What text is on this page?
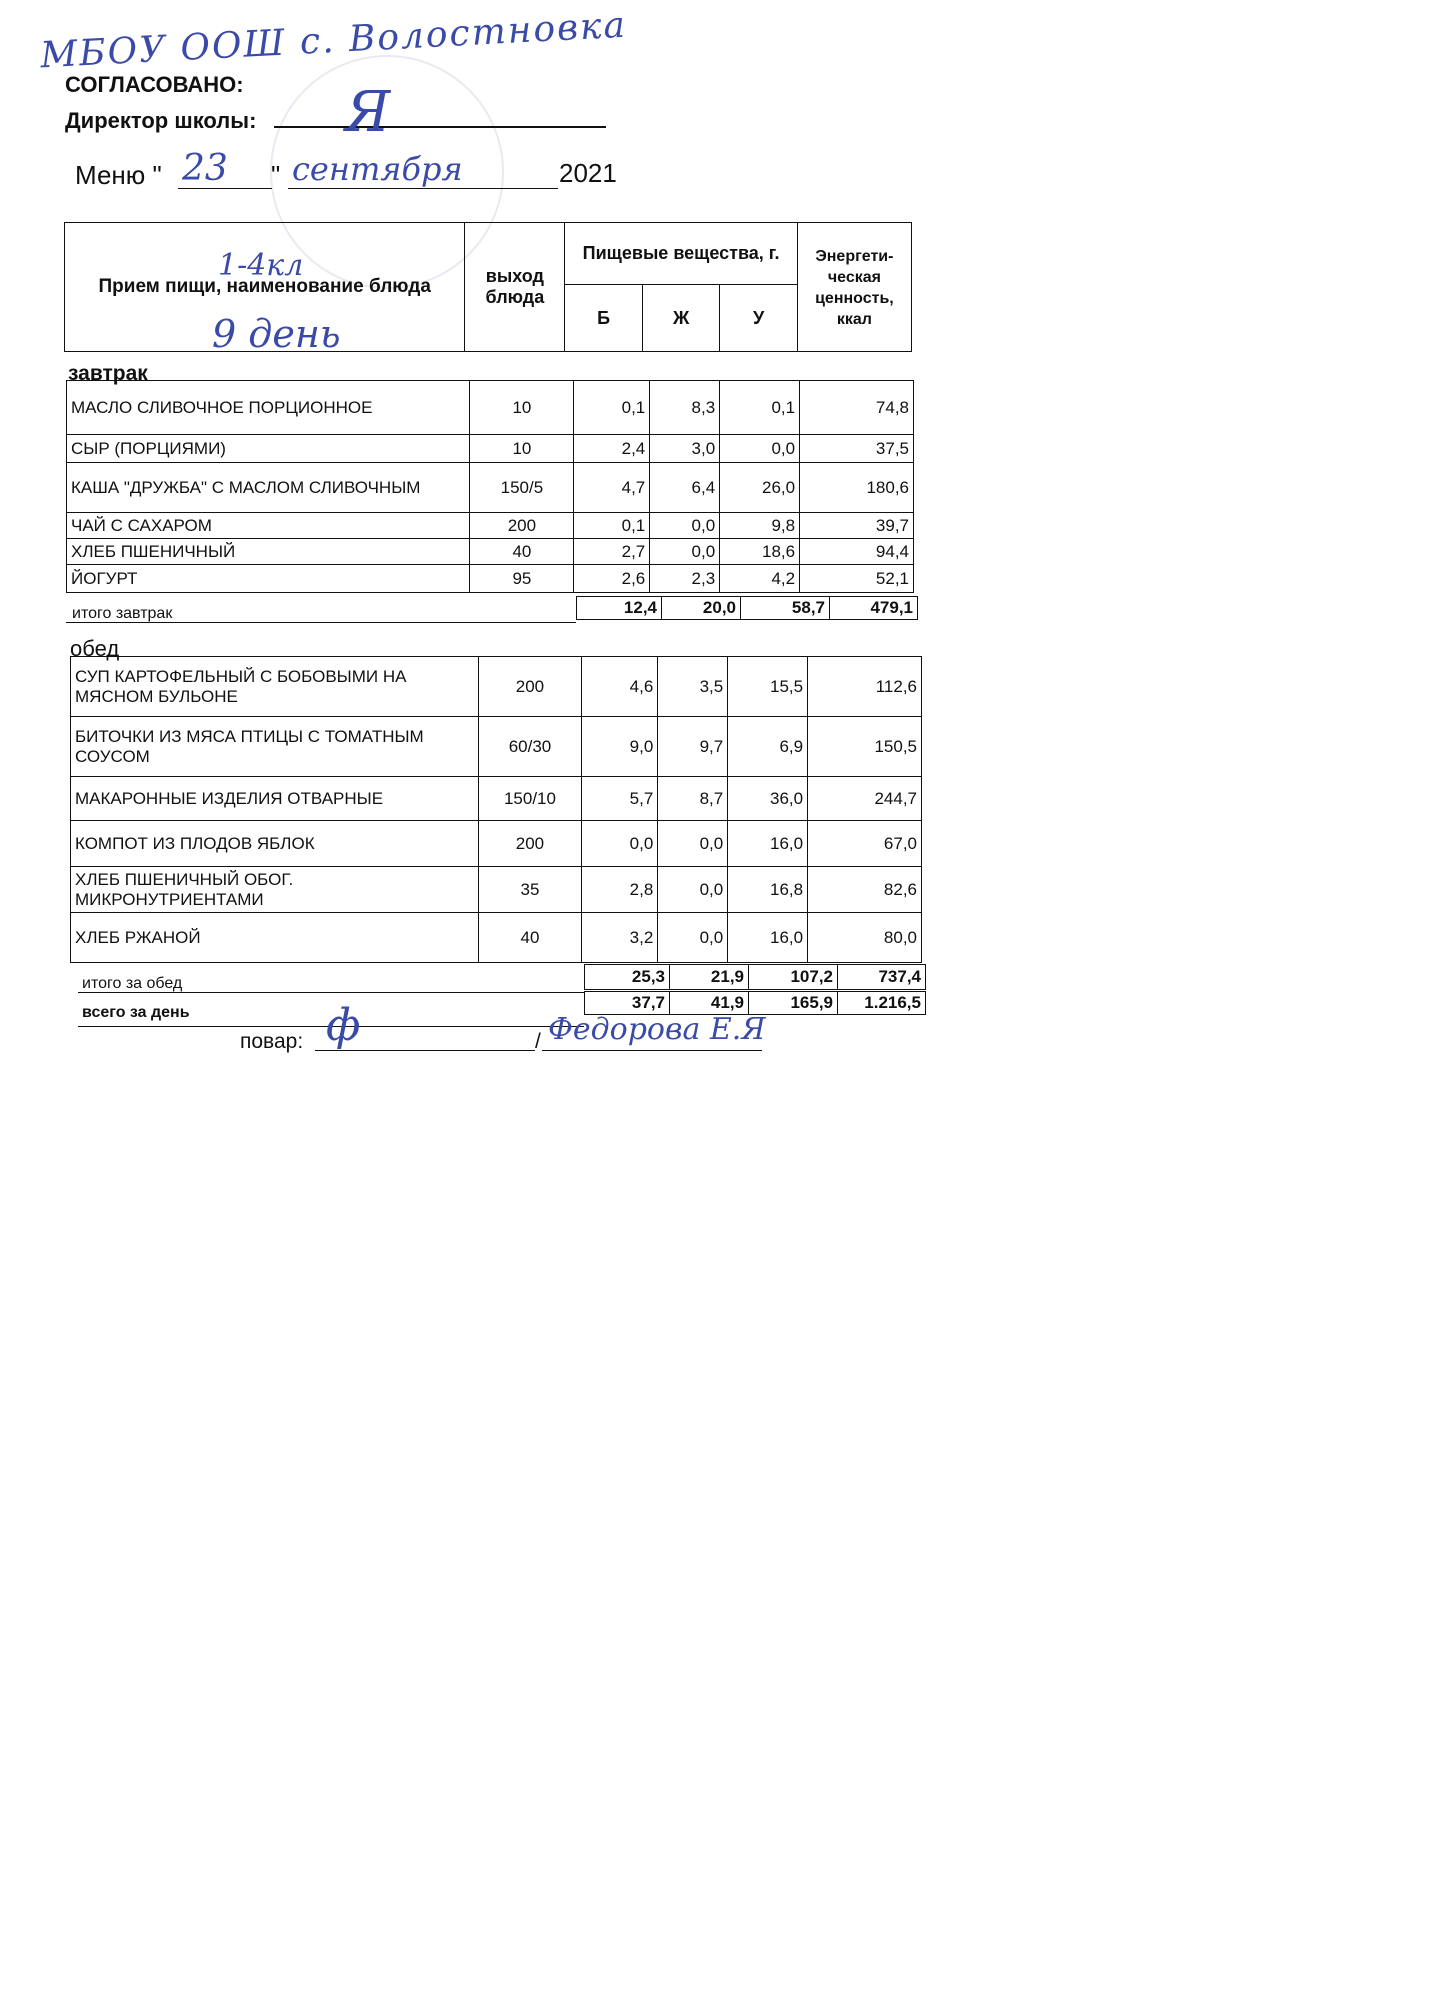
МБОУ ООШ с. Волостновка
СОГЛАСОВАНО:
Директор школы: Я
Меню "	"	2021
23 сентября
Прием пищи, наименование блюда	выход блюда	Пищевые вещества, г.			Энергети- ческая ценность, ккал
		Б	Ж	У	
1-4кл
9 день
завтрак
МАСЛО СЛИВОЧНОЕ ПОРЦИОННОЕ	10	0,1	8,3	0,1	74,8
СЫР (ПОРЦИЯМИ)	10	2,4	3,0	0,0	37,5
КАША "ДРУЖБА" С МАСЛОМ СЛИВОЧНЫМ	150/5	4,7	6,4	26,0	180,6
ЧАЙ С САХАРОМ	200	0,1	0,0	9,8	39,7
ХЛЕБ ПШЕНИЧНЫЙ	40	2,7	0,0	18,6	94,4
ЙОГУРТ	95	2,6	2,3	4,2	52,1
итого завтрак	12,4	20,0	58,7	479,1
обед
СУП КАРТОФЕЛЬНЫЙ С БОБОВЫМИ НА МЯСНОМ БУЛЬОНЕ	200	4,6	3,5	15,5	112,6
БИТОЧКИ ИЗ МЯСА ПТИЦЫ С ТОМАТНЫМ СОУСОМ	60/30	9,0	9,7	6,9	150,5
МАКАРОННЫЕ ИЗДЕЛИЯ ОТВАРНЫЕ	150/10	5,7	8,7	36,0	244,7
КОМПОТ ИЗ ПЛОДОВ ЯБЛОК	200	0,0	0,0	16,0	67,0
ХЛЕБ ПШЕНИЧНЫЙ ОБОГ. МИКРОНУТРИЕНТАМИ	35	2,8	0,0	16,8	82,6
ХЛЕБ РЖАНОЙ	40	3,2	0,0	16,0	80,0
итого за обед	25,3	21,9	107,2	737,4
всего за день
37,7	41,9	165,9	1.216,5
повар:	/
ф	Федорова Е.Я
